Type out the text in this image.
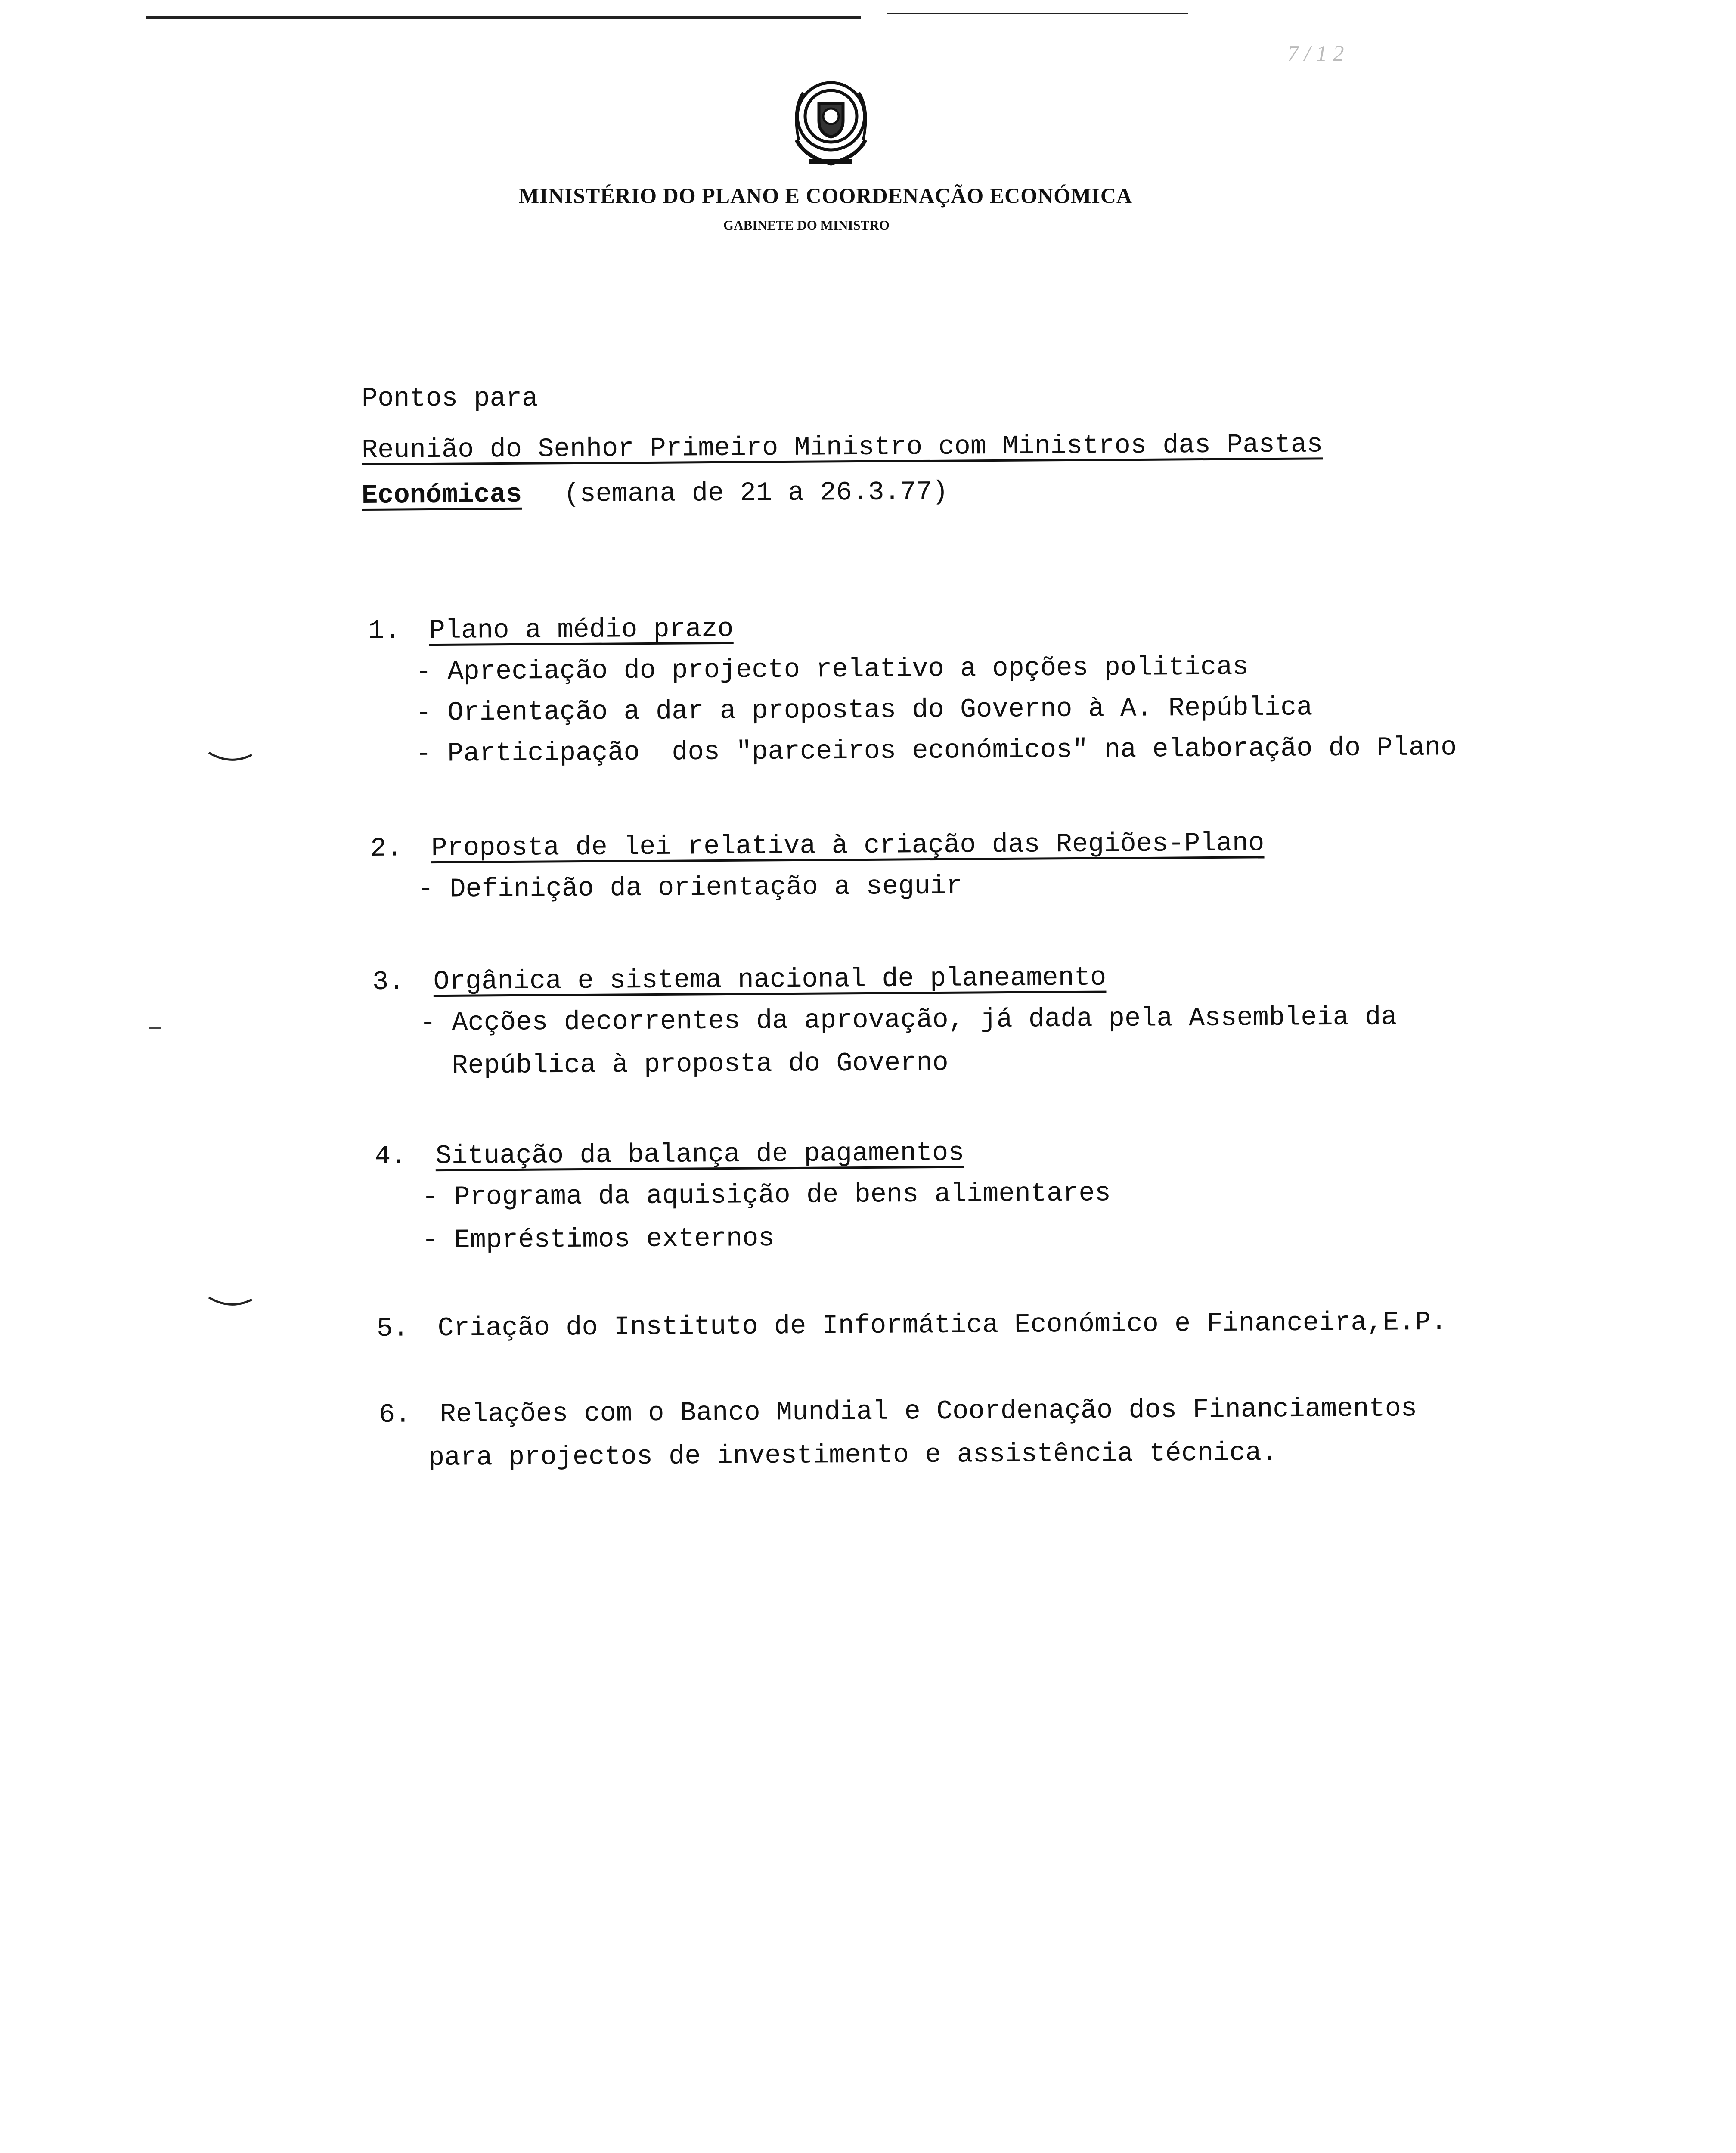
7 / 1 2
MINISTÉRIO DO PLANO E COORDENAÇÃO ECONÓMICA
GABINETE DO MINISTRO
Pontos para
Reunião do Senhor Primeiro Ministro com Ministros das Pastas
Económicas (semana de 21 a 26.3.77)
1. Plano a médio prazo
- Apreciação do projecto relativo a opções politicas
- Orientação a dar a propostas do Governo à A. República
- Participação  dos "parceiros económicos" na elaboração do Plano
2. Proposta de lei relativa à criação das Regiões-Plano
- Definição da orientação a seguir
3. Orgânica e sistema nacional de planeamento
- Acções decorrentes da aprovação, já dada pela Assembleia da
República à proposta do Governo
4. Situação da balança de pagamentos
- Programa da aquisição de bens alimentares
- Empréstimos externos
5. Criação do Instituto de Informática Económico e Financeira,E.P.
6. Relações com o Banco Mundial e Coordenação dos Financiamentos
para projectos de investimento e assistência técnica.
